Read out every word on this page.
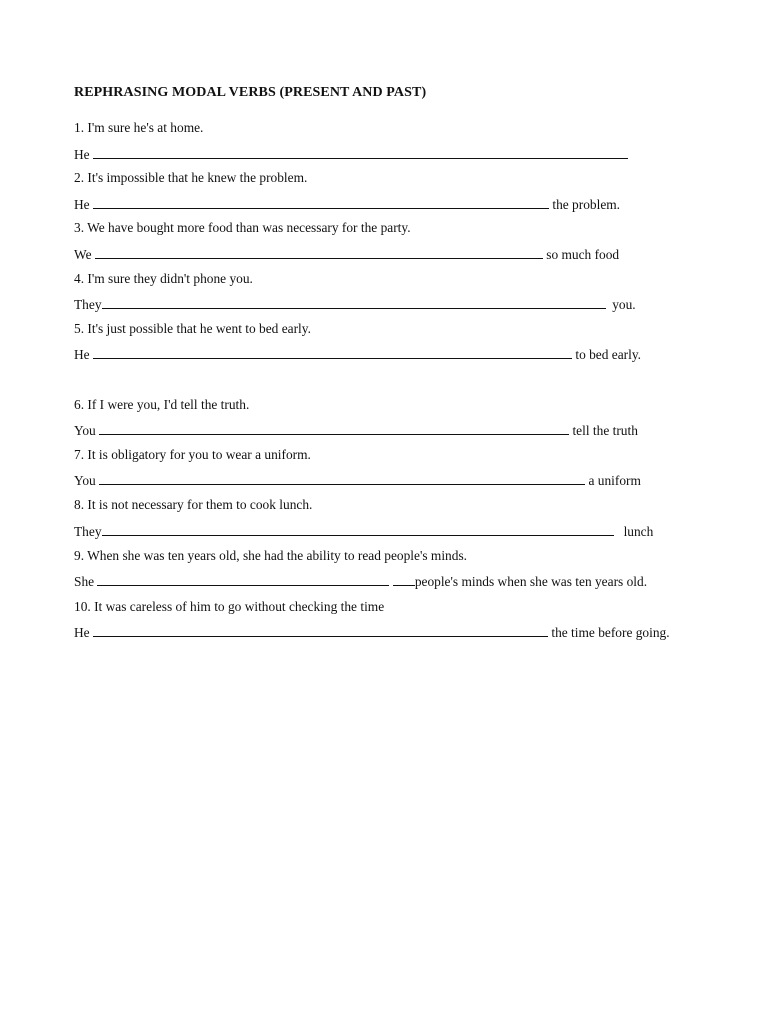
REPHRASING MODAL VERBS (PRESENT AND PAST)
1. I'm sure he's at home.
He
2. It's impossible that he knew the problem.
He	the problem.
3. We have bought more food than was necessary for the party.
We	so much food
4. I'm sure they didn't phone you.
They	you.
5. It's just possible that he went to bed early.
He	to bed early.
6. If I were you, I'd tell the truth.
You	tell the truth
7. It is obligatory for you to wear a uniform.
You	a uniform
8. It is not necessary for them to cook lunch.
They	lunch
9. When she was ten years old, she had the ability to read people's minds.
She	people's minds when she was ten years old.
10. It was careless of him to go without checking the time
He	the time before going.
